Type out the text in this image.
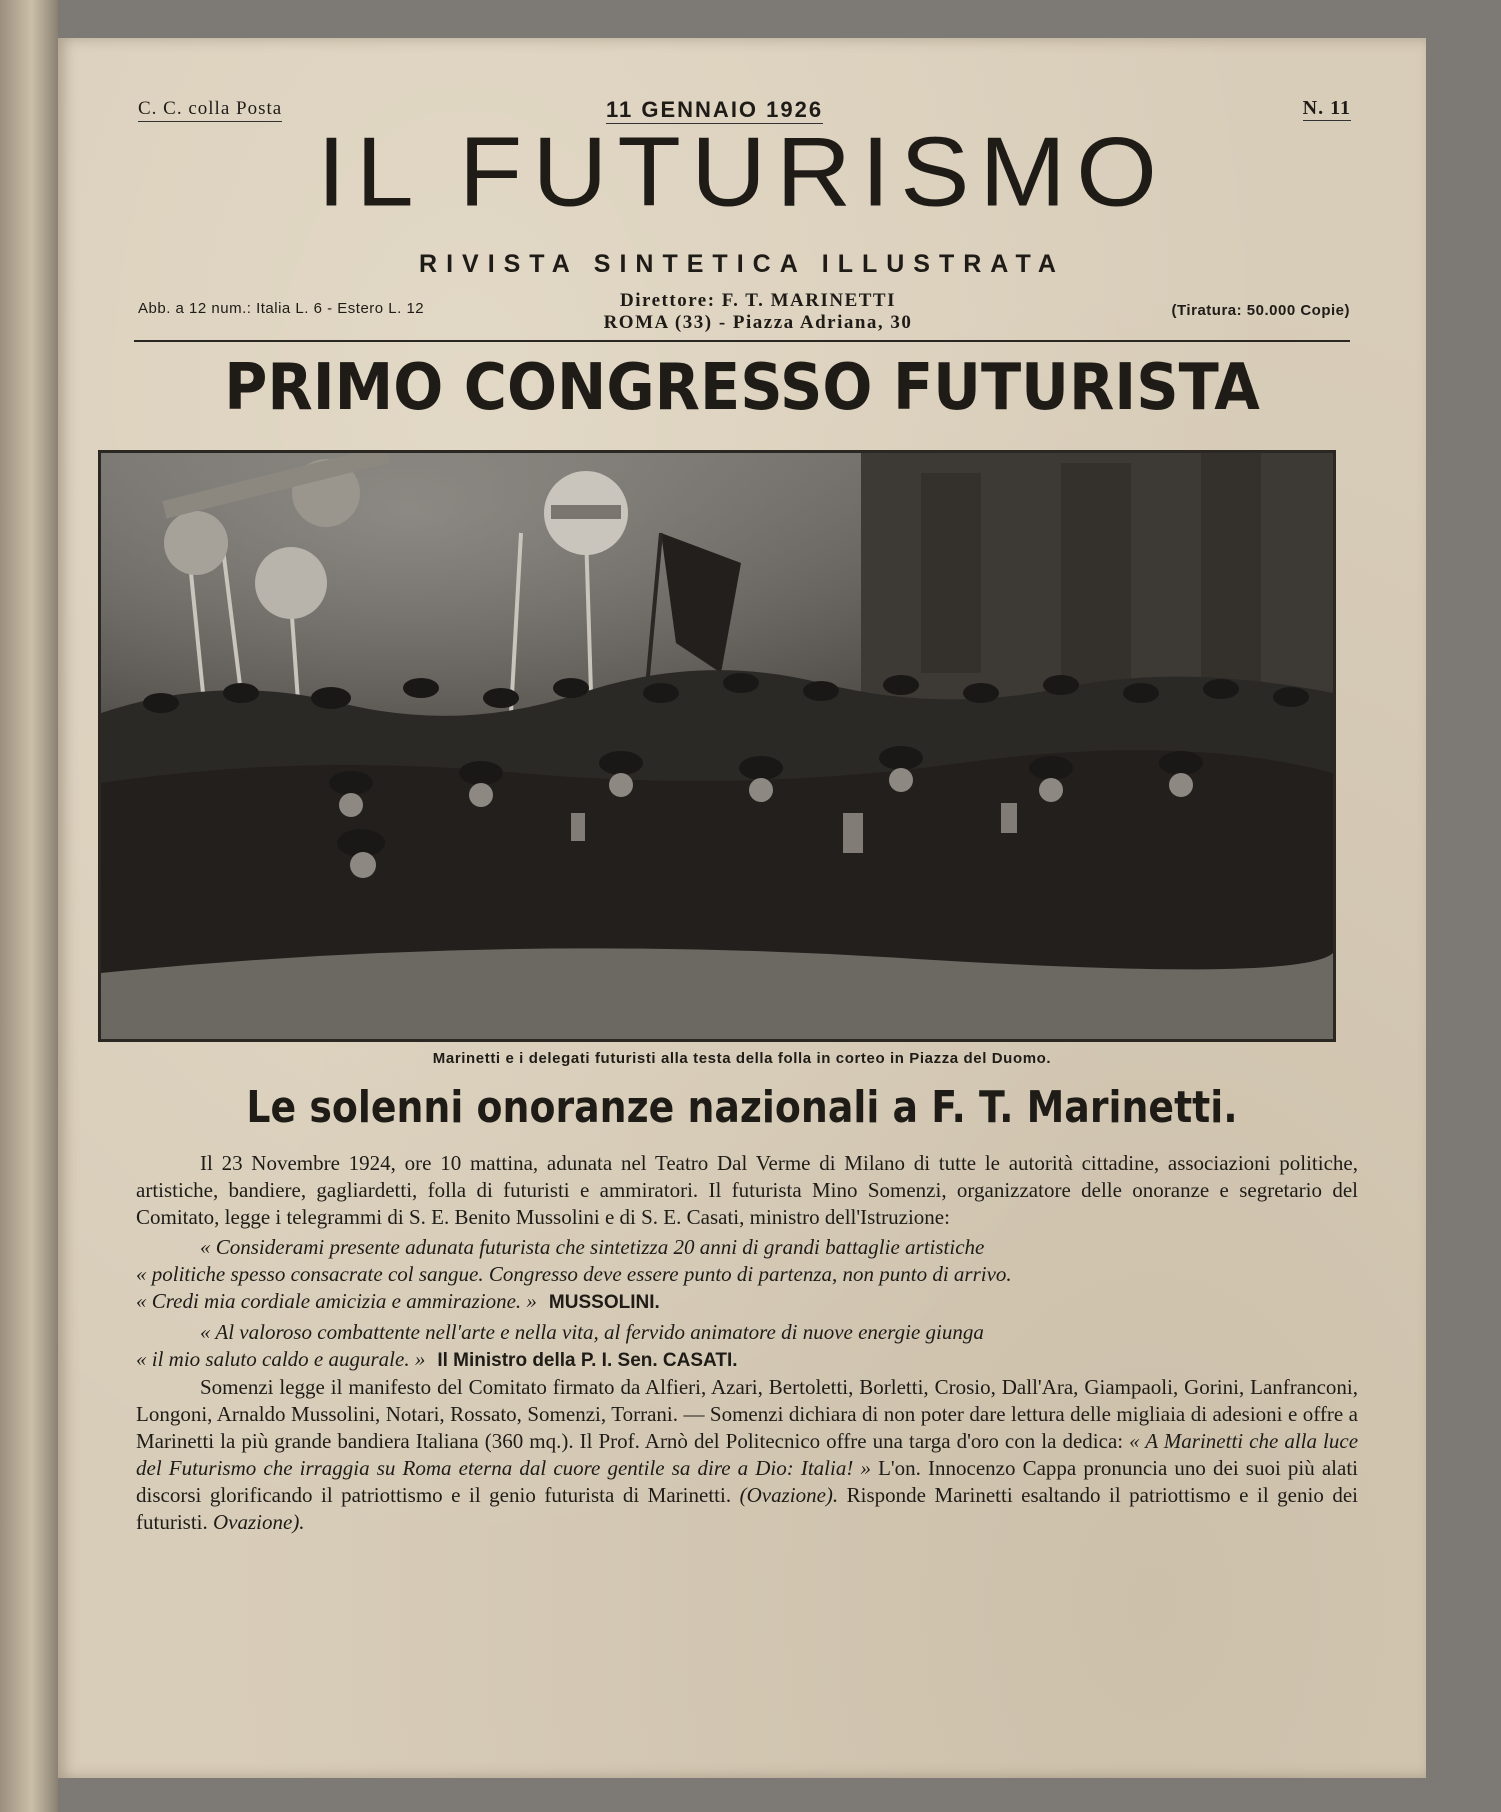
C. C. colla Posta	11 GENNAIO 1926	N. 11
IL FUTURISMO
RIVISTA SINTETICA ILLUSTRATA
Abb. a 12 num.: Italia L. 6 - Estero L. 12	Direttore: F. T. MARINETTI
ROMA (33) - Piazza Adriana, 30
(Tiratura: 50.000 Copie)
PRIMO CONGRESSO FUTURISTA
Marinetti e i delegati futuristi alla testa della folla in corteo in Piazza del Duomo.
Le solenni onoranze nazionali a F. T. Marinetti.

Il 23 Novembre 1924, ore 10 mattina, adunata nel Teatro Dal Verme di Milano di tutte le autorità cittadine, associazioni politiche, artistiche, bandiere, gagliardetti, folla di futuristi e ammiratori. Il futurista Mino Somenzi, organizzatore delle onoranze e segretario del Comitato, legge i telegrammi di S. E. Benito Mussolini e di S. E. Casati, ministro dell'Istruzione:

« Considerami presente adunata futurista che sintetizza 20 anni di grandi battaglie artistiche
« politiche spesso consacrate col sangue. Congresso deve essere punto di partenza, non punto di arrivo.
« Credi mia cordiale amicizia e ammirazione. » MUSSOLINI.

« Al valoroso combattente nell'arte e nella vita, al fervido animatore di nuove energie giunga
« il mio saluto caldo e augurale. » Il Ministro della P. I. Sen. CASATI.

Somenzi legge il manifesto del Comitato firmato da Alfieri, Azari, Bertoletti, Borletti, Crosio, Dall'Ara, Giampaoli, Gorini, Lanfranconi, Longoni, Arnaldo Mussolini, Notari, Rossato, Somenzi, Torrani. — Somenzi dichiara di non poter dare lettura delle migliaia di adesioni e offre a Marinetti la più grande bandiera Italiana (360 mq.). Il Prof. Arnò del Politecnico offre una targa d'oro con la dedica: « A Marinetti che alla luce del Futurismo che irraggia su Roma eterna dal cuore gentile sa dire a Dio: Italia! » L'on. Innocenzo Cappa pronuncia uno dei suoi più alati discorsi glorificando il patriottismo e il genio futurista di Marinetti. (Ovazione). Risponde Marinetti esaltando il patriottismo e il genio dei futuristi. Ovazione).
